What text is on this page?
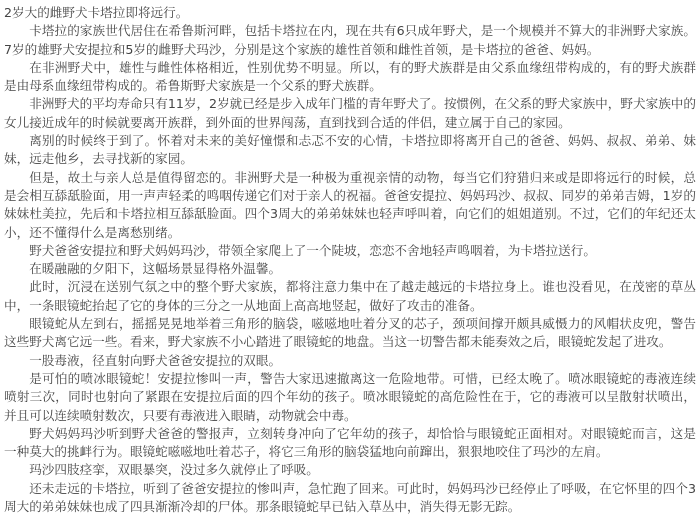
2岁大的雌野犬卡塔拉即将远行。

卡塔拉的家族世代居住在希鲁斯河畔，包括卡塔拉在内，现在共有6只成年野犬，是一个规模并不算大的非洲野犬家族。7岁的雄野犬安提拉和5岁的雌野犬玛沙，分别是这个家族的雄性首领和雌性首领，是卡塔拉的爸爸、妈妈。

在非洲野犬中，雄性与雌性体格相近，性别优势不明显。所以，有的野犬族群是由父系血缘纽带构成的，有的野犬族群是由母系血缘纽带构成的。希鲁斯野犬家族是一个父系的野犬族群。

非洲野犬的平均寿命只有11岁，2岁就已经是步入成年门槛的青年野犬了。按惯例，在父系的野犬家族中，野犬家族中的女儿接近成年的时候就要离开族群，到外面的世界闯荡，直到找到合适的伴侣，建立属于自己的家园。

离别的时候终于到了。怀着对未来的美好憧憬和忐忑不安的心情，卡塔拉即将离开自己的爸爸、妈妈、叔叔、弟弟、妹妹，远走他乡，去寻找新的家园。

但是，故土与亲人总是值得留恋的。非洲野犬是一种极为重视亲情的动物，每当它们狩猎归来或是即将远行的时候，总是会相互舔舐脸面，用一声声轻柔的鸣咽传递它们对于亲人的祝福。爸爸安提拉、妈妈玛沙、叔叔、同岁的弟弟吉姆，1岁的妹妹杜美拉，先后和卡塔拉相互舔舐脸面。四个3周大的弟弟妹妹也轻声呼叫着，向它们的姐姐道别。不过，它们的年纪还太小，还不懂得什么是离愁别绪。

野犬爸爸安提拉和野犬妈妈玛沙，带领全家爬上了一个陡坡，恋恋不舍地轻声鸣咽着，为卡塔拉送行。

在暖融融的夕阳下，这幅场景显得格外温馨。

此时，沉浸在送别气氛之中的整个野犬家族，都将注意力集中在了越走越远的卡塔拉身上。谁也没看见，在茂密的草丛中，一条眼镜蛇抬起了它的身体的三分之一从地面上高高地竖起，做好了攻击的准备。

眼镜蛇从左到右，摇摇晃晃地举着三角形的脑袋，嗞嗞地吐着分叉的芯子，颈项间撑开颇具威慑力的风帽状皮兜，警告这些野犬离它远一些。看来，野犬家族不小心踏进了眼镜蛇的地盘。当这一切警告都未能奏效之后，眼镜蛇发起了进攻。

一股毒液，径直射向野犬爸爸安提拉的双眼。

是可怕的喷冰眼镜蛇！安提拉惨叫一声，警告大家迅速撤离这一危险地带。可惜，已经太晚了。喷冰眼镜蛇的毒液连续喷射三次，同时也射向了紧跟在安提拉后面的四个年幼的孩子。喷冰眼镜蛇的高危险性在于，它的毒液可以呈散射状喷出，并且可以连续喷射数次，只要有毒液进入眼睛，动物就会中毒。

野犬妈妈玛沙听到野犬爸爸的警报声，立刻转身冲向了它年幼的孩子，却恰恰与眼镜蛇正面相对。对眼镜蛇而言，这是一种莫大的挑衅行为。眼镜蛇嗞嗞地吐着芯子，将它三角形的脑袋猛地向前蹿出，狠狠地咬住了玛沙的左肩。

玛沙四肢痉挛，双眼暴突，没过多久就停止了呼吸。

还未走远的卡塔拉，听到了爸爸安提拉的惨叫声，急忙跑了回来。可此时，妈妈玛沙已经停止了呼吸，在它怀里的四个3周大的弟弟妹妹也成了四具渐渐冷却的尸体。那条眼镜蛇早已钻入草丛中，消失得无影无踪。
